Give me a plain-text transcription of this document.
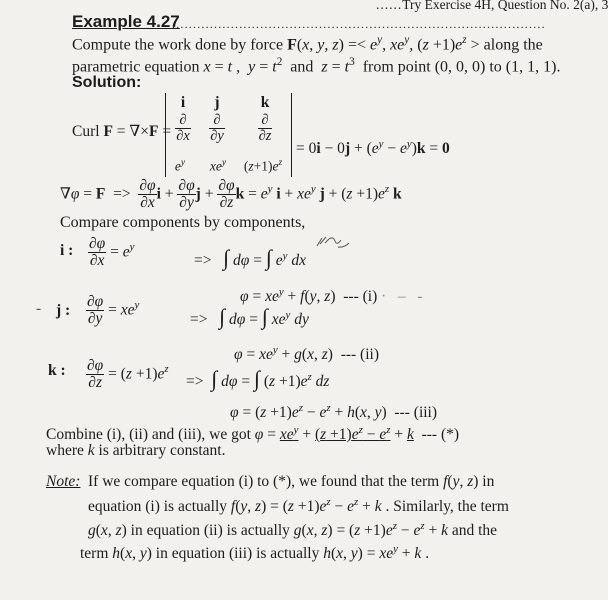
......Try Exercise 4H, Question No. 2(a), 3
Example 4.27
.........................................................................................
Compute the work done by force F(x, y, $z) =< e^y$, $xe^y$, $(z +1)e^z$ > along the
parametric equation x = t ,  $y = t^2$  and  $z = t^3$  from point (0, 0, 0) to (1, 1, 1).
Solution:
Curl F = ∇×F =
i	j	k
$\frac{\partial}{\partial x} \frac{\partial}{\partial y} \frac{\partial}{\partial z}$
$e^y$	$xe^y$	$(z+1)e^z$
= $0i - 0j + (e^y - e^y)k = 0$
$\nabla\varphi = F => \frac{\partial\varphi}{\partial x}$ $i + \frac{\partial\varphi}{\partial y}$ $j + \frac{\partial\varphi}{\partial z}$ $k = e^y$ $i + xe^y$ $j + (z +1)e^z$ k
Compare components by components,
i : $\frac{\partial\varphi}{\partial x} = e^y$
=>   ∫ dφ = ∫ $e^y$ dx
$\varphi = xe^y + f(y$, z)  --- (i) ·   –   -
- j : $\frac{\partial\varphi}{\partial y} = xe^y$
=>   ∫ dφ = ∫ $xe^y$ dy
$\varphi = xe^y + g(x$, z)  --- (ii)
k : $\frac{\partial\varphi}{\partial z} = (z +1)e^z$
=>  ∫ dφ = ∫ $(z +1)e^z$ dz
$\varphi = (z +1)e^z - e^z + h(x$, y)  --- (iii)
Combine (i), (ii) and (iii), we got $\varphi = xe^y + (z +1)e^z - e^z + k$  --- (*)
where k is arbitrary constant.
Note: If we compare equation (i) to (*), we found that the term f(y, z) in
equation (i) is actually f(y, $z) = (z +1)e^z - e^z + k$ . Similarly, the term
g(x, z) in equation (ii) is actually g(x, $z) = (z +1)e^z - e^z + k$ and the
term h(x, y) in equation (iii) is actually h(x, $y) = xe^y + k$ .
